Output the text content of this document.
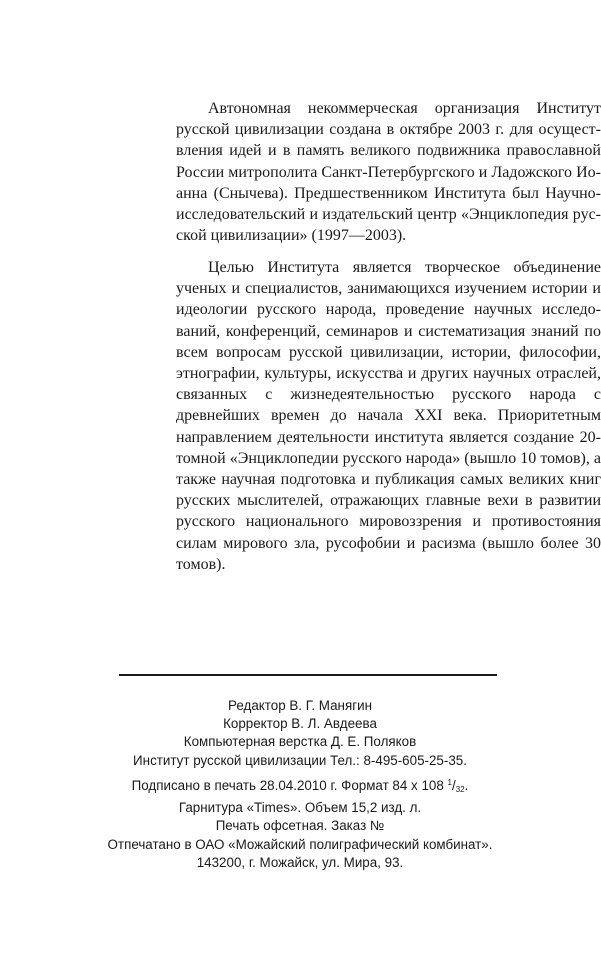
Автономная некоммерческая организация Институт русской цивилизации создана в октябре 2003 г. для осуществления идей и в память великого подвижника православной России митрополита Санкт-Петербургского и Ладожского Иоанна (Снычева). Предшественником Института был Научно-исследовательский и издательский центр «Энциклопедия русской цивилизации» (1997—2003).

Целью Института является творческое объединение ученых и специалистов, занимающихся изучением истории и идеологии русского народа, проведение научных исследований, конференций, семинаров и систематизация знаний по всем вопросам русской цивилизации, истории, философии, этнографии, культуры, искусства и других научных отраслей, связанных с жизнедеятельностью русского народа с древнейших времен до начала XXI века. Приоритетным направлением деятельности института является создание 20-томной «Энциклопедии русского народа» (вышло 10 томов), а также научная подготовка и публикация самых великих книг русских мыслителей, отражающих главные вехи в развитии русского национального мировоззрения и противостояния силам мирового зла, русофобии и расизма (вышло более 30 томов).

Редактор В. Г. Манягин
Корректор В. Л. Авдеева
Компьютерная верстка Д. Е. Поляков
Институт русской цивилизации Тел.: 8-495-605-25-35.
Подписано в печать 28.04.2010 г. Формат 84 х 108 $^1$/32.
Гарнитура «Times». Объем 15,2 изд. л.
Печать офсетная. Заказ №
Отпечатано в ОАО «Можайский полиграфический комбинат».
143200, г. Можайск, ул. Мира, 93.
